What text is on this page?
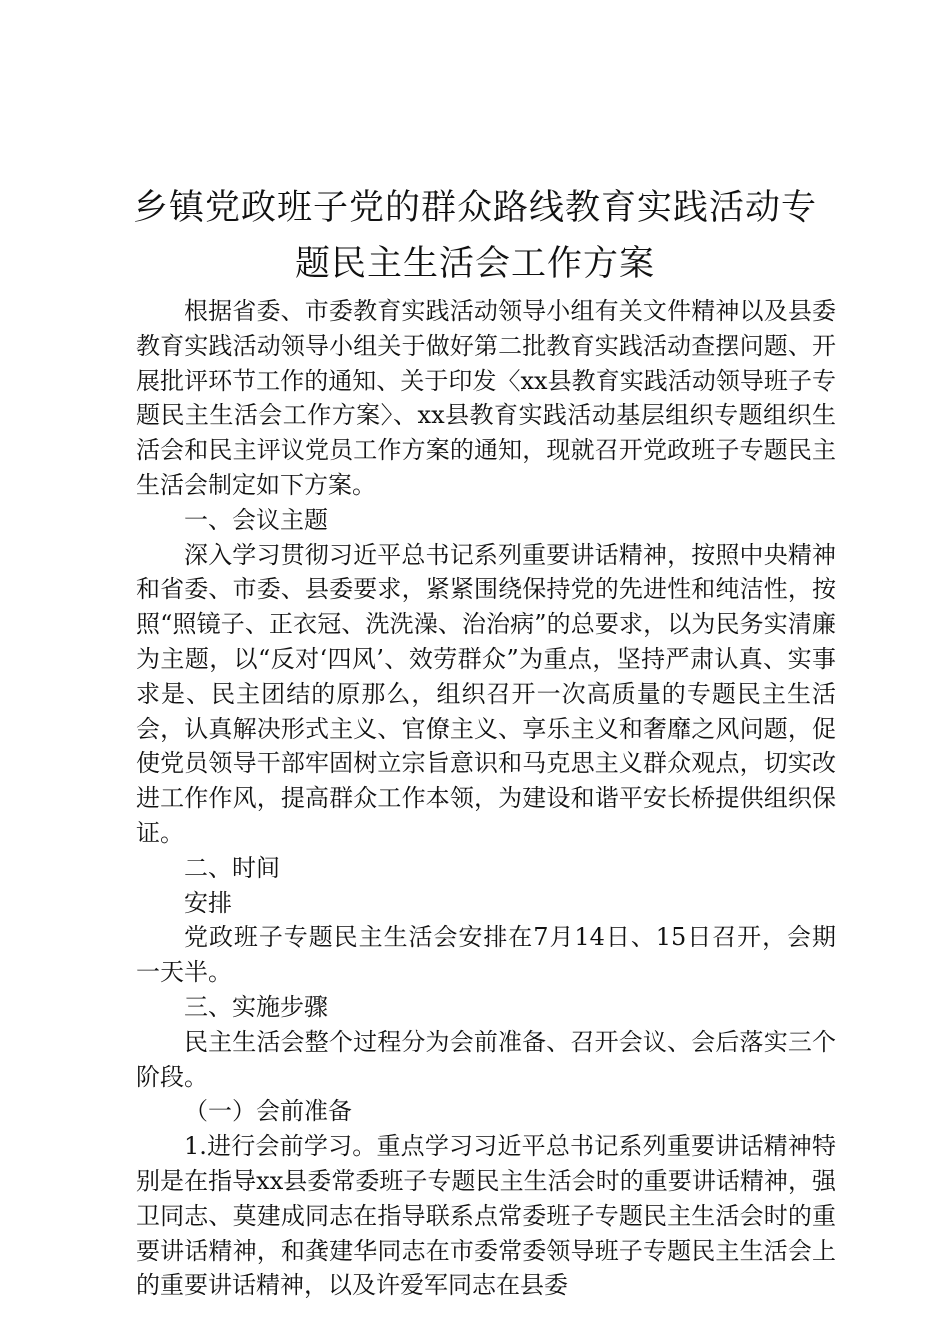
乡镇党政班子党的群众路线教育实践活动专
题民主生活会工作方案

根据省委、市委教育实践活动领导小组有关文件精神以及县委教育实践活动领导小组关于做好第二批教育实践活动查摆问题、开展批评环节工作的通知、关于印发〈xx县教育实践活动领导班子专题民主生活会工作方案〉、xx县教育实践活动基层组织专题组织生活会和民主评议党员工作方案的通知，现就召开党政班子专题民主生活会制定如下方案。

一、会议主题

深入学习贯彻习近平总书记系列重要讲话精神，按照中央精神和省委、市委、县委要求，紧紧围绕保持党的先进性和纯洁性，按照“照镜子、正衣冠、洗洗澡、治治病”的总要求，以为民务实清廉为主题，以“反对‘四风’、效劳群众”为重点，坚持严肃认真、实事求是、民主团结的原那么，组织召开一次高质量的专题民主生活会，认真解决形式主义、官僚主义、享乐主义和奢靡之风问题，促使党员领导干部牢固树立宗旨意识和马克思主义群众观点，切实改进工作作风，提高群众工作本领，为建设和谐平安长桥提供组织保证。

二、时间

安排

党政班子专题民主生活会安排在7月14日、15日召开，会期一天半。

三、实施步骤

民主生活会整个过程分为会前准备、召开会议、会后落实三个阶段。

（一）会前准备

1.进行会前学习。重点学习习近平总书记系列重要讲话精神特别是在指导xx县委常委班子专题民主生活会时的重要讲话精神，强卫同志、莫建成同志在指导联系点常委班子专题民主生活会时的重要讲话精神，和龚建华同志在市委常委领导班子专题民主生活会上的重要讲话精神，以及许爱军同志在县委
